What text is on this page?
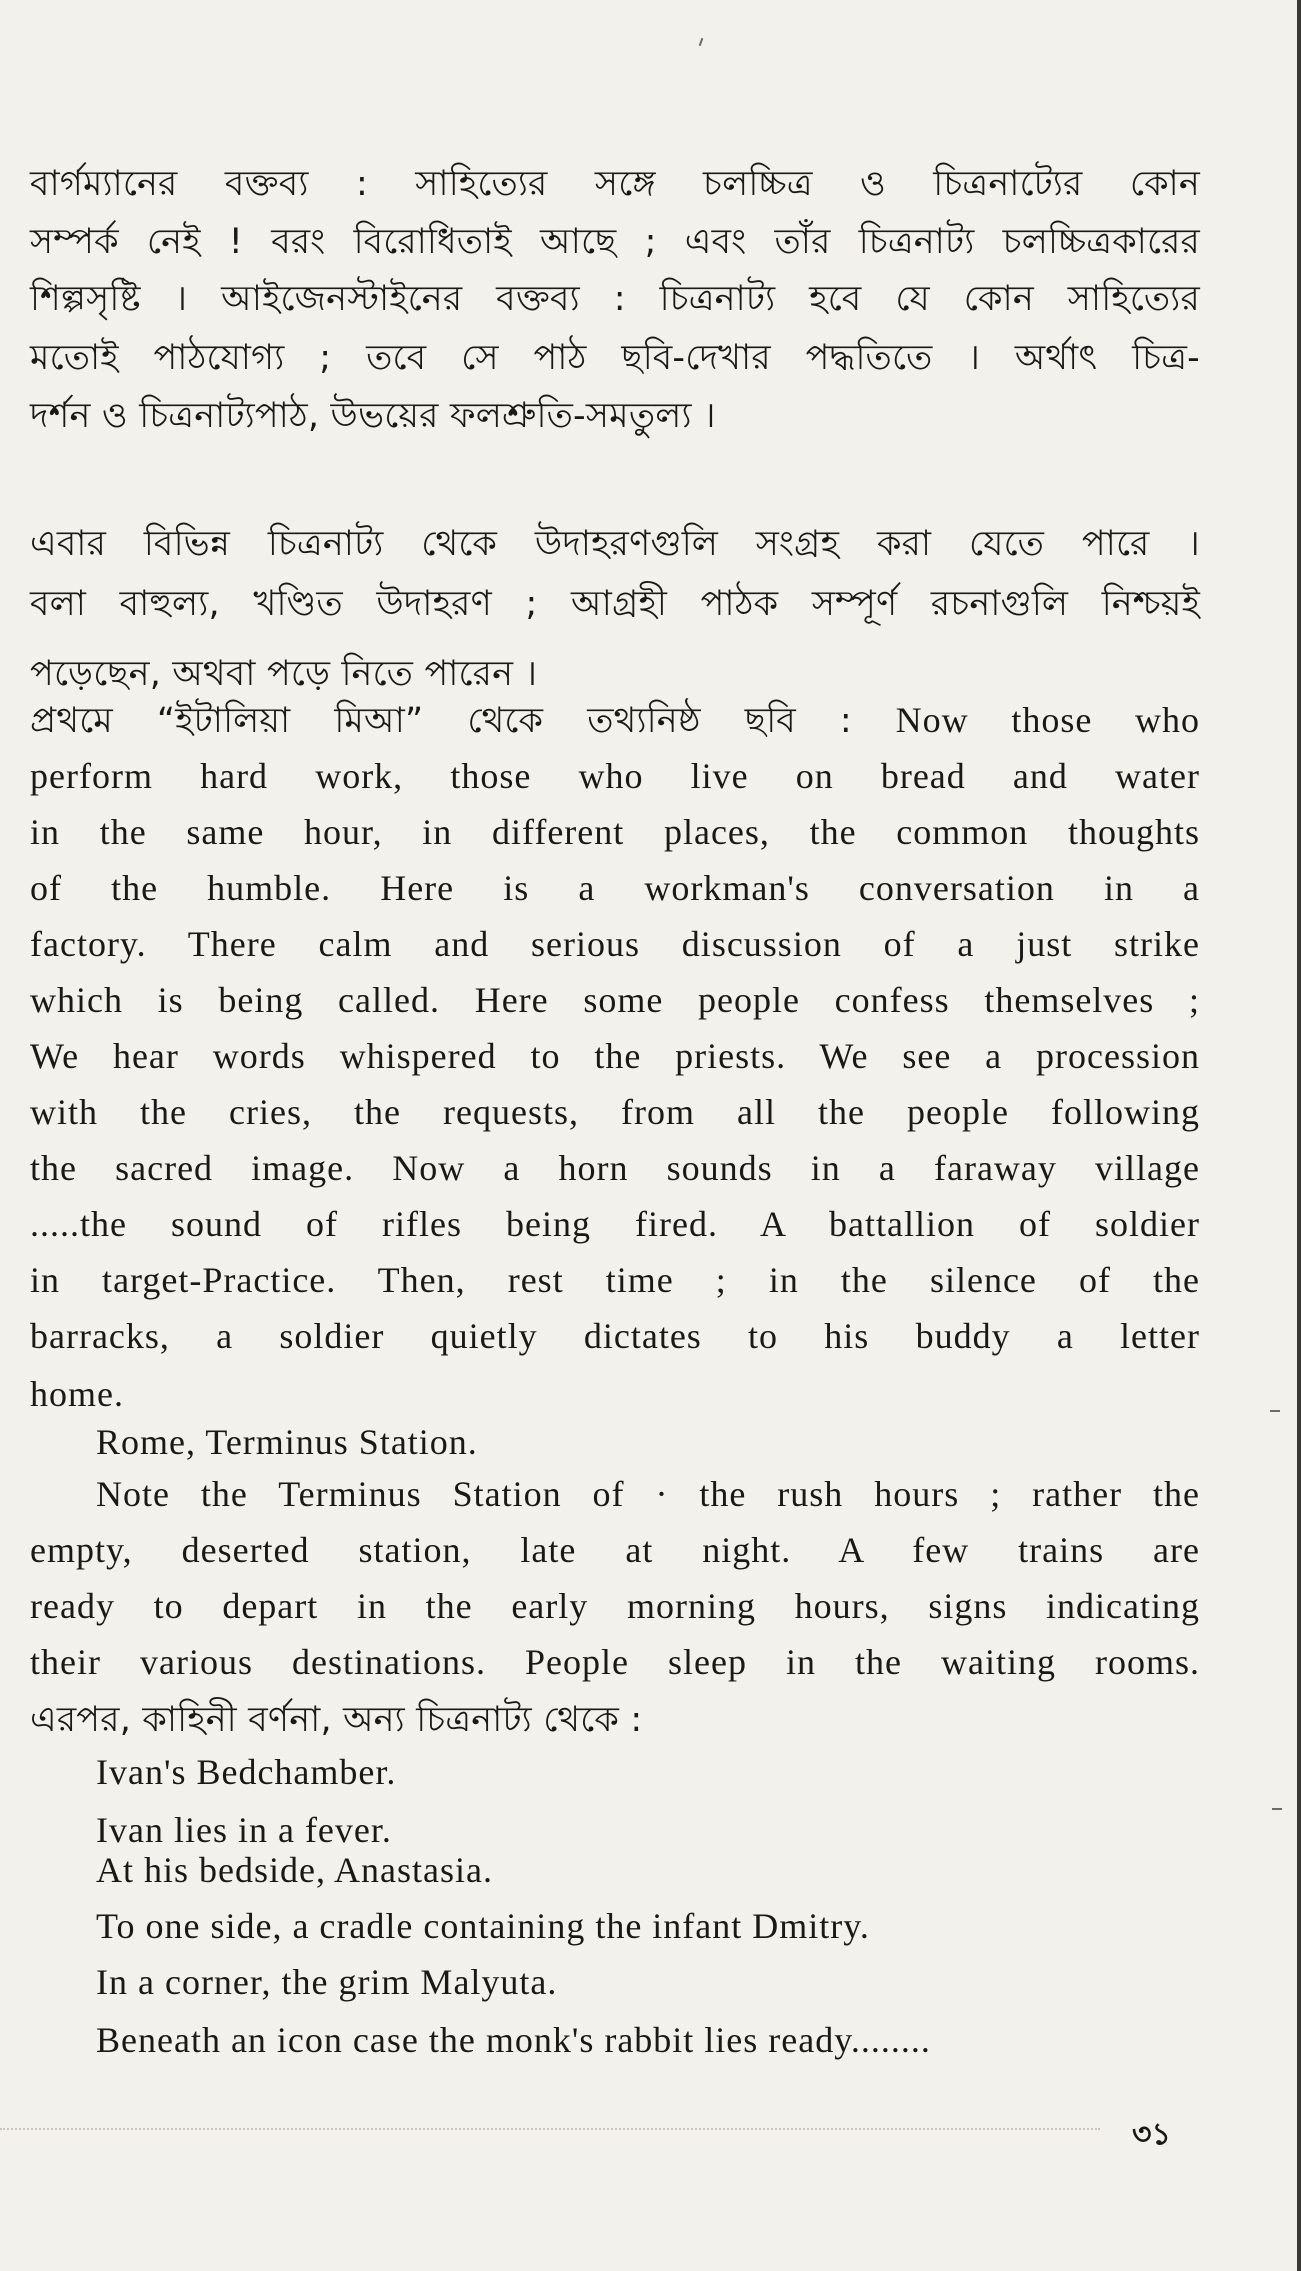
বার্গম্যানের বক্তব্য : সাহিত্যের সঙ্গে চলচ্চিত্র ও চিত্রনাট্যের কোন
সম্পর্ক নেই ! বরং বিরোধিতাই আছে ; এবং তাঁর চিত্রনাট্য চলচ্চিত্রকারের
শিল্পসৃষ্টি । আইজেনস্টাইনের বক্তব্য : চিত্রনাট্য হবে যে কোন সাহিত্যের
মতোই পাঠযোগ্য ; তবে সে পাঠ ছবি-দেখার পদ্ধতিতে । অর্থাৎ চিত্র-
দর্শন ও চিত্রনাট্যপাঠ, উভয়ের ফলশ্রুতি-সমতুল্য ।
এবার বিভিন্ন চিত্রনাট্য থেকে উদাহরণগুলি সংগ্রহ করা যেতে পারে ।
বলা বাহুল্য, খণ্ডিত উদাহরণ ; আগ্রহী পাঠক সম্পূর্ণ রচনাগুলি নিশ্চয়ই
পড়েছেন, অথবা পড়ে নিতে পারেন ।
প্রথমে “ইটালিয়া মিআ” থেকে তথ্যনিষ্ঠ ছবি : Now those who
perform hard work, those who live on bread and water
in the same hour, in different places, the common thoughts
of the humble. Here is a workman's conversation in a
factory. There calm and serious discussion of a just strike
which is being called. Here some people confess themselves ;
We hear words whispered to the priests. We see a procession
with the cries, the requests, from all the people following
the sacred image. Now a horn sounds in a faraway village
.....the sound of rifles being fired. A battallion of soldier
in target-Practice. Then, rest time ; in the silence of the
barracks, a soldier quietly dictates to his buddy a letter
home.
Rome, Terminus Station.
Note the Terminus Station of · the rush hours ; rather the
empty, deserted station, late at night. A few trains are
ready to depart in the early morning hours, signs indicating
their various destinations. People sleep in the waiting rooms.
এরপর, কাহিনী বর্ণনা, অন্য চিত্রনাট্য থেকে :
Ivan's Bedchamber.
Ivan lies in a fever.
At his bedside, Anastasia.
To one side, a cradle containing the infant Dmitry.
In a corner, the grim Malyuta.
Beneath an icon case the monk's rabbit lies ready........
৩১
